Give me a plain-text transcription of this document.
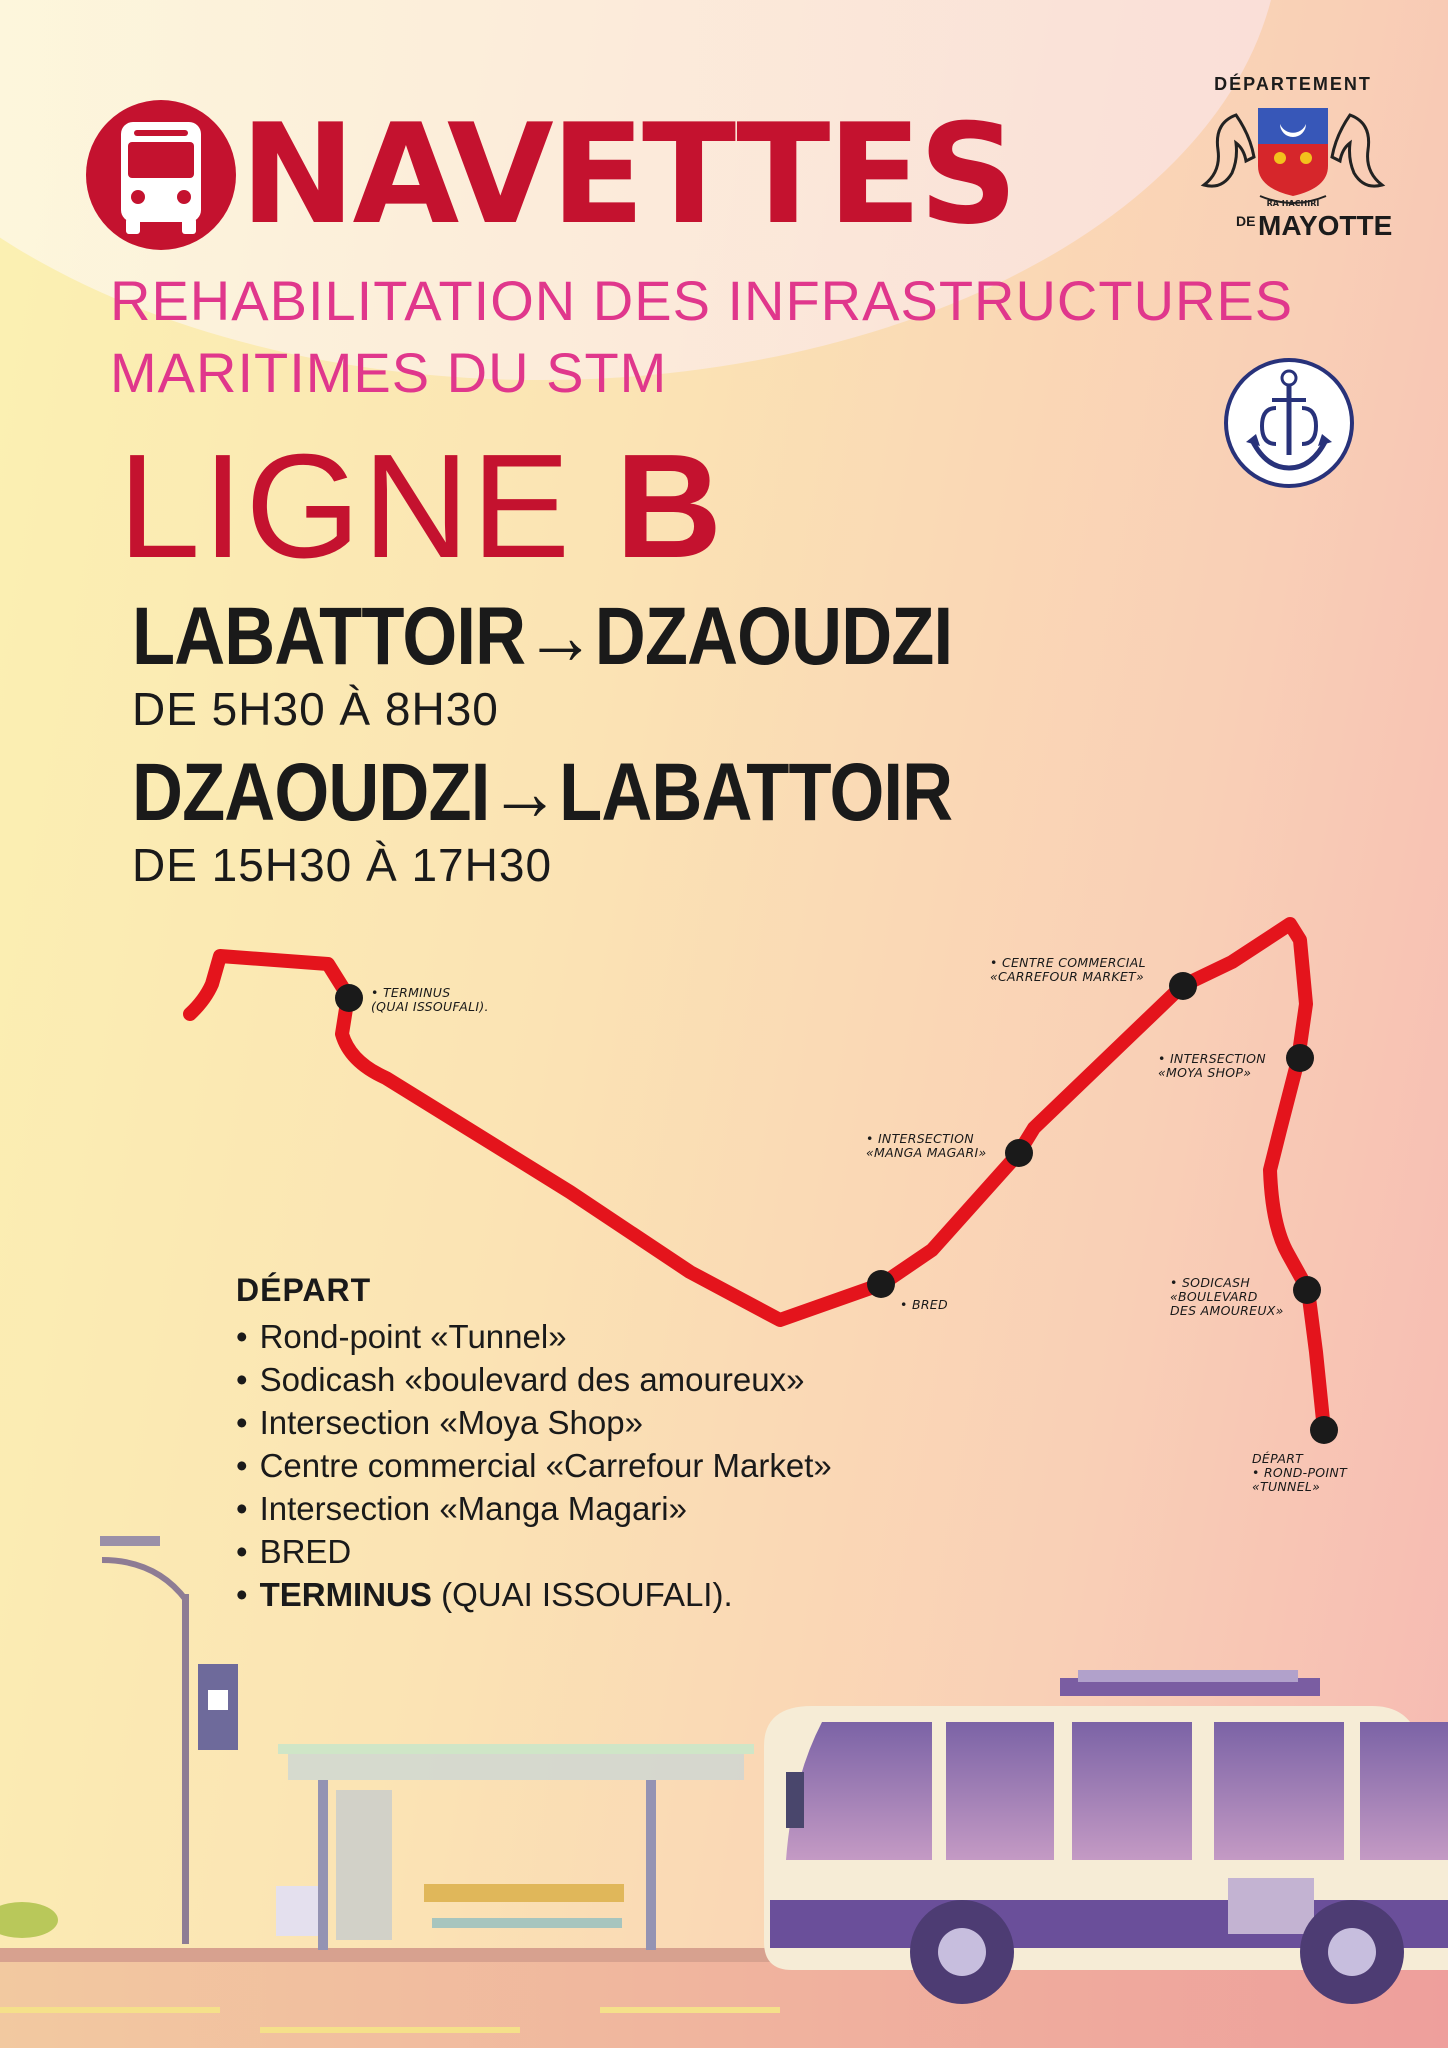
NAVETTES
REHABILITATION DES INFRASTRUCTURES
MARITIMES DU STM
DÉPARTEMENT
RA HACHIRI
DE MAYOTTE
LIGNE B
LABATTOIR→DZAOUDZI
DE 5H30 À 8H30
DZAOUDZI→LABATTOIR
DE 15H30 À 17H30
• TERMINUS
(QUAI ISSOUFALI).
• CENTRE COMMERCIAL
«CARREFOUR MARKET»
• INTERSECTION
«MOYA SHOP»
• INTERSECTION
«MANGA MAGARI»
• BRED
• SODICASH
«BOULEVARD
DES AMOUREUX»
DÉPART
• ROND-POINT
«TUNNEL»
DÉPART
• Rond-point «Tunnel»
• Sodicash «boulevard des amoureux»
• Intersection «Moya Shop»
• Centre commercial «Carrefour Market»
• Intersection «Manga Magari»
• BRED
• TERMINUS (QUAI ISSOUFALI).
